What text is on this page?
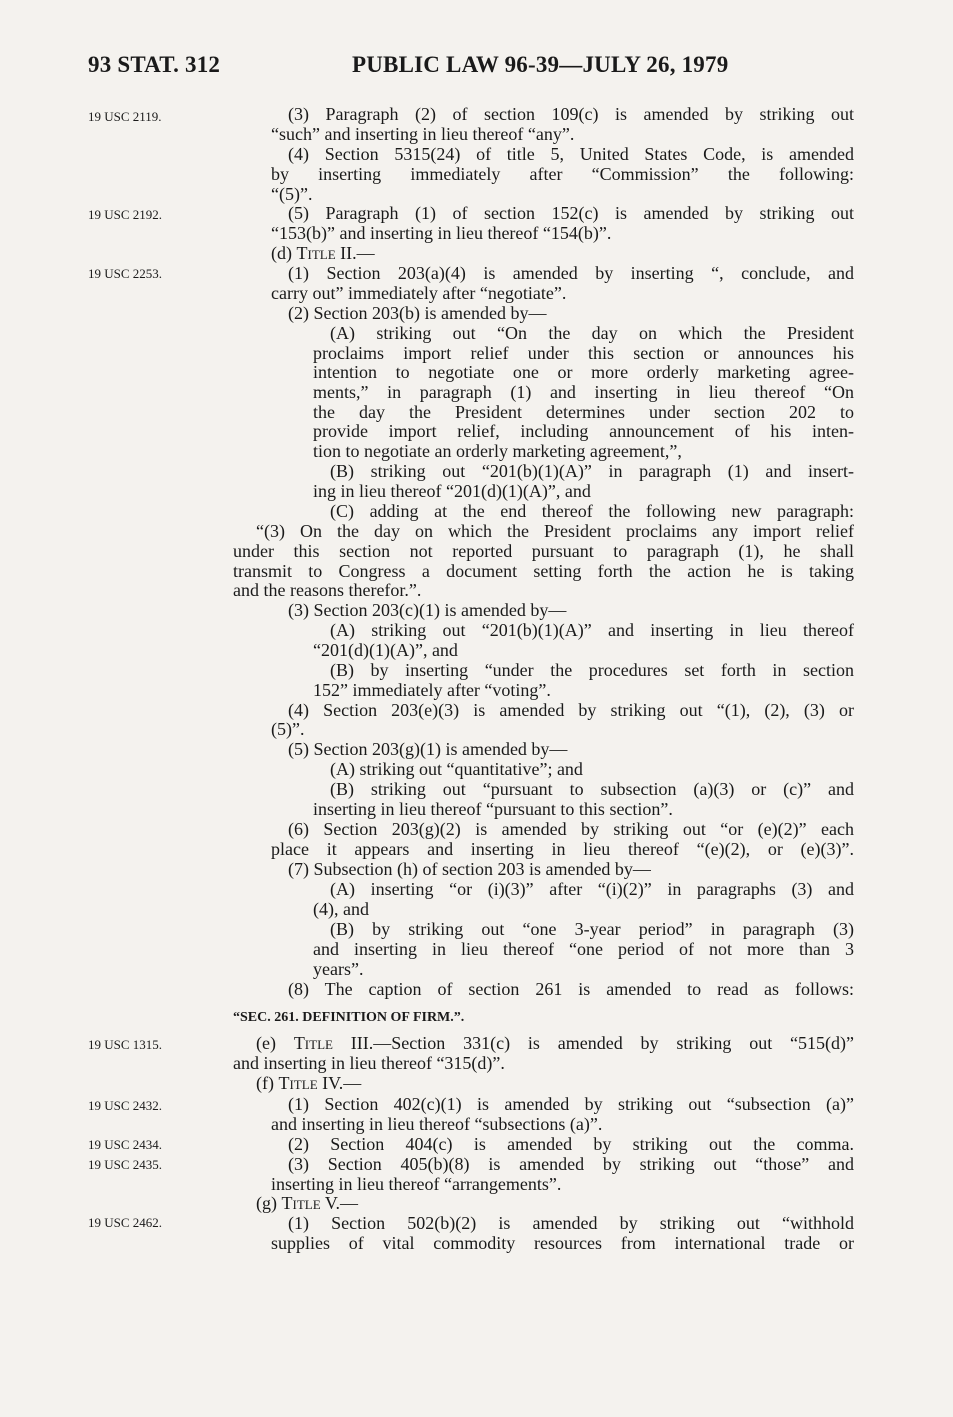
93 STAT. 312	PUBLIC LAW 96-39—JULY 26, 1979
19 USC 2119.
19 USC 2192.
19 USC 2253.
19 USC 1315.
19 USC 2432.
19 USC 2434.
19 USC 2435.
19 USC 2462.
(3) Paragraph (2) of section 109(c) is amended by striking out
“such” and inserting in lieu thereof “any”.
(4) Section 5315(24) of title 5, United States Code, is amended
by inserting immediately after “Commission” the following:
“(5)”.
(5) Paragraph (1) of section 152(c) is amended by striking out
“153(b)” and inserting in lieu thereof “154(b)”.
(d) Title II.—
(1) Section 203(a)(4) is amended by inserting “, conclude, and
carry out” immediately after “negotiate”.
(2) Section 203(b) is amended by—
(A) striking out “On the day on which the President
proclaims import relief under this section or announces his
intention to negotiate one or more orderly marketing agree-
ments,” in paragraph (1) and inserting in lieu thereof “On
the day the President determines under section 202 to
provide import relief, including announcement of his inten-
tion to negotiate an orderly marketing agreement,”,
(B) striking out “201(b)(1)(A)” in paragraph (1) and insert-
ing in lieu thereof “201(d)(1)(A)”, and
(C) adding at the end thereof the following new paragraph:
“(3) On the day on which the President proclaims any import relief
under this section not reported pursuant to paragraph (1), he shall
transmit to Congress a document setting forth the action he is taking
and the reasons therefor.”.
(3) Section 203(c)(1) is amended by—
(A) striking out “201(b)(1)(A)” and inserting in lieu thereof
“201(d)(1)(A)”, and
(B) by inserting “under the procedures set forth in section
152” immediately after “voting”.
(4) Section 203(e)(3) is amended by striking out “(1), (2), (3) or
(5)”.
(5) Section 203(g)(1) is amended by—
(A) striking out “quantitative”; and
(B) striking out “pursuant to subsection (a)(3) or (c)” and
inserting in lieu thereof “pursuant to this section”.
(6) Section 203(g)(2) is amended by striking out “or (e)(2)” each
place it appears and inserting in lieu thereof “(e)(2), or (e)(3)”.
(7) Subsection (h) of section 203 is amended by—
(A) inserting “or (i)(3)” after “(i)(2)” in paragraphs (3) and
(4), and
(B) by striking out “one 3-year period” in paragraph (3)
and inserting in lieu thereof “one period of not more than 3
years”.
(8) The caption of section 261 is amended to read as follows:
“SEC. 261. DEFINITION OF FIRM.”.
(e) Title III.—Section 331(c) is amended by striking out “515(d)”
and inserting in lieu thereof “315(d)”.
(f) Title IV.—
(1) Section 402(c)(1) is amended by striking out “subsection (a)”
and inserting in lieu thereof “subsections (a)”.
(2) Section 404(c) is amended by striking out the comma.
(3) Section 405(b)(8) is amended by striking out “those” and
inserting in lieu thereof “arrangements”.
(g) Title V.—
(1) Section 502(b)(2) is amended by striking out “withhold
supplies of vital commodity resources from international trade or
